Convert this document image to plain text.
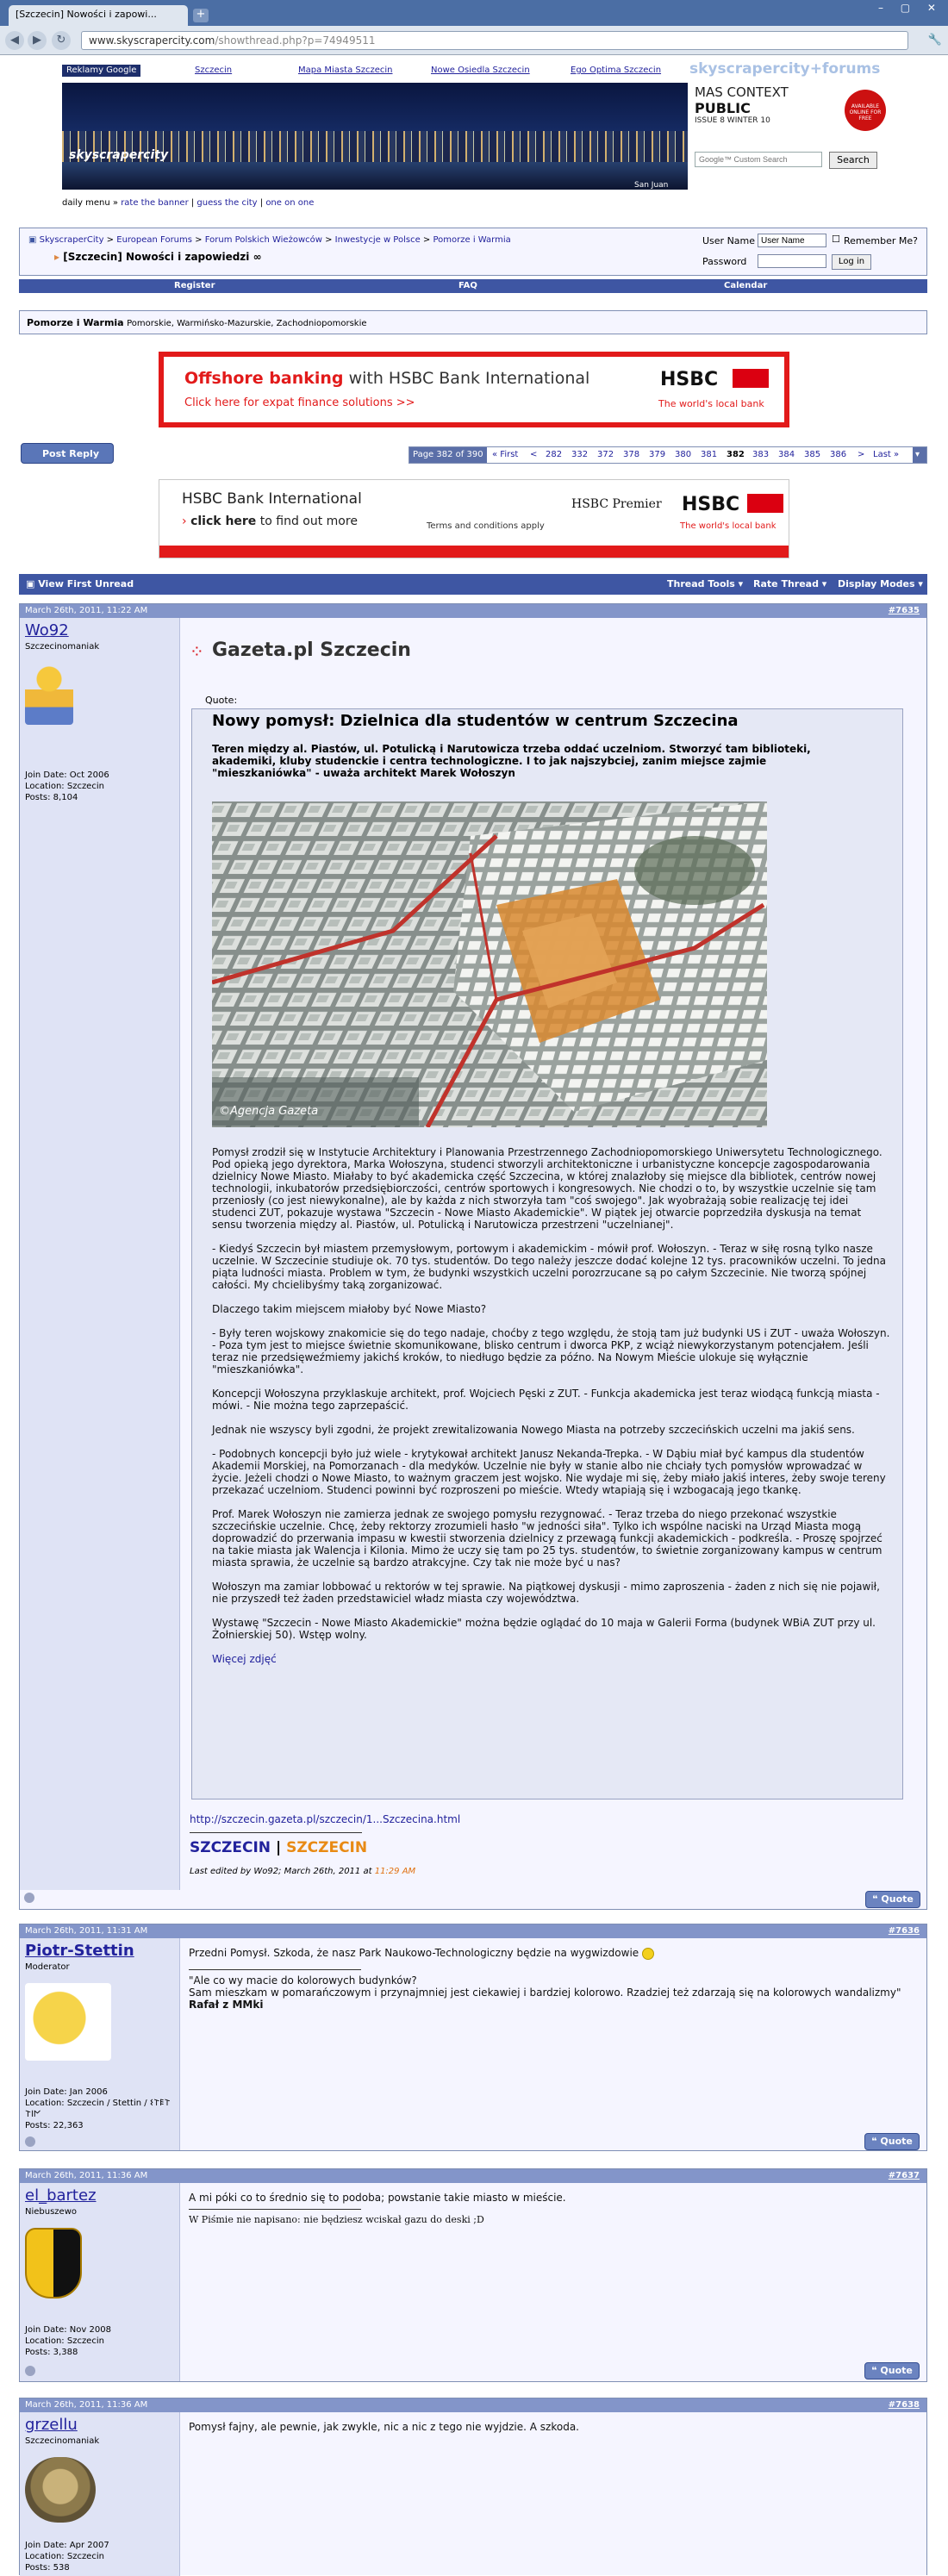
[Szczecin] Nowości i zapowi...	+	– ▢ ✕
◀	▶	↻	www.skyscrapercity.com/showthread.php?p=74949511	🔧
Reklamy Google	Szczecin	Mapa Miasta Szczecin	Nowe Osiedla Szczecin	Ego Optima Szczecin skyscrapercity+forums
skyscrapercity
San Juan
MAS CONTEXT
PUBLIC
ISSUE 8 WINTER 10
AVAILABLE ONLINE FOR FREE
Google™ Custom Search
Search
daily menu » rate the banner | guess the city | one on one
▣ SkyscraperCity > European Forums > Forum Polskich Wieżowców > Inwestycje w Polsce > Pomorze i Warmia
▸ [Szczecin] Nowości i zapowiedzi ∞
User Name
User Name	☐ Remember Me?
Password	Log in
Register	FAQ	Calendar
Pomorze i Warmia Pomorskie, Warmińsko-Mazurskie, Zachodniopomorskie
Offshore banking with HSBC Bank International
Click here for expat finance solutions >>
HSBC
The world's local bank
Post Reply	Page 382 of 390	« First < 282 332 372 378 379 380 381 382 383 384 385 386 > Last »	▾
HSBC Bank International
› click here to find out more	Terms and conditions apply
HSBC Premier HSBC
The world's local bank
▣ View First Unread	Thread Tools ▾ Rate Thread ▾ Display Modes ▾
March 26th, 2011, 11:22 AM	#7635
Wo92
Szczecinomaniak
Join Date: Oct 2006
Location: Szczecin
Posts: 8,104
⁘ Gazeta.pl Szczecin
Quote:
Nowy pomysł: Dzielnica dla studentów w centrum Szczecina
Teren między al. Piastów, ul. Potulicką i Narutowicza trzeba oddać uczelniom. Stworzyć tam biblioteki, akademiki, kluby studenckie i centra technologiczne. I to jak najszybciej, zanim miejsce zajmie "mieszkaniówka" - uważa architekt Marek Wołoszyn
©Agencja Gazeta

Pomysł zrodził się w Instytucie Architektury i Planowania Przestrzennego Zachodniopomorskiego Uniwersytetu Technologicznego. Pod opieką jego dyrektora, Marka Wołoszyna, studenci stworzyli architektoniczne i urbanistyczne koncepcje zagospodarowania dzielnicy Nowe Miasto. Miałaby to być akademicka część Szczecina, w której znalazłoby się miejsce dla bibliotek, centrów nowej technologii, inkubatorów przedsiębiorczości, centrów sportowych i kongresowych. Nie chodzi o to, by wszystkie uczelnie się tam przeniosły (co jest niewykonalne), ale by każda z nich stworzyła tam "coś swojego". Jak wyobrażają sobie realizację tej idei studenci ZUT, pokazuje wystawa "Szczecin - Nowe Miasto Akademickie". W piątek jej otwarcie poprzedziła dyskusja na temat sensu tworzenia między al. Piastów, ul. Potulicką i Narutowicza przestrzeni "uczelnianej".

- Kiedyś Szczecin był miastem przemysłowym, portowym i akademickim - mówił prof. Wołoszyn. - Teraz w siłę rosną tylko nasze uczelnie. W Szczecinie studiuje ok. 70 tys. studentów. Do tego należy jeszcze dodać kolejne 12 tys. pracowników uczelni. To jedna piąta ludności miasta. Problem w tym, że budynki wszystkich uczelni porozrzucane są po całym Szczecinie. Nie tworzą spójnej całości. My chcielibyśmy taką zorganizować.

Dlaczego takim miejscem miałoby być Nowe Miasto?

- Były teren wojskowy znakomicie się do tego nadaje, choćby z tego względu, że stoją tam już budynki US i ZUT - uważa Wołoszyn. - Poza tym jest to miejsce świetnie skomunikowane, blisko centrum i dworca PKP, z wciąż niewykorzystanym potencjałem. Jeśli teraz nie przedsięweźmiemy jakichś kroków, to niedługo będzie za późno. Na Nowym Mieście ulokuje się wyłącznie "mieszkaniówka".

Koncepcji Wołoszyna przyklaskuje architekt, prof. Wojciech Pęski z ZUT. - Funkcja akademicka jest teraz wiodącą funkcją miasta - mówi. - Nie można tego zaprzepaścić.

Jednak nie wszyscy byli zgodni, że projekt zrewitalizowania Nowego Miasta na potrzeby szczecińskich uczelni ma jakiś sens.

- Podobnych koncepcji było już wiele - krytykował architekt Janusz Nekanda-Trepka. - W Dąbiu miał być kampus dla studentów Akademii Morskiej, na Pomorzanach - dla medyków. Uczelnie nie były w stanie albo nie chciały tych pomysłów wprowadzać w życie. Jeżeli chodzi o Nowe Miasto, to ważnym graczem jest wojsko. Nie wydaje mi się, żeby miało jakiś interes, żeby swoje tereny przekazać uczelniom. Studenci powinni być rozproszeni po mieście. Wtedy wtapiają się i wzbogacają jego tkankę.

Prof. Marek Wołoszyn nie zamierza jednak ze swojego pomysłu rezygnować. - Teraz trzeba do niego przekonać wszystkie szczecińskie uczelnie. Chcę, żeby rektorzy zrozumieli hasło "w jedności siła". Tylko ich wspólne naciski na Urząd Miasta mogą doprowadzić do przerwania impasu w kwestii stworzenia dzielnicy z przewagą funkcji akademickich - podkreśla. - Proszę spojrzeć na takie miasta jak Walencja i Kilonia. Mimo że uczy się tam po 25 tys. studentów, to świetnie zorganizowany kampus w centrum miasta sprawia, że uczelnie są bardzo atrakcyjne. Czy tak nie może być u nas?

Wołoszyn ma zamiar lobbować u rektorów w tej sprawie. Na piątkowej dyskusji - mimo zaproszenia - żaden z nich się nie pojawił, nie przyszedł też żaden przedstawiciel władz miasta czy województwa.

Wystawę "Szczecin - Nowe Miasto Akademickie" można będzie oglądać do 10 maja w Galerii Forma (budynek WBiA ZUT przy ul. Żołnierskiej 50). Wstęp wolny.

Więcej zdjęć

http://szczecin.gazeta.pl/szczecin/1...Szczecina.html
SZCZECIN | SZCZECIN
Last edited by Wo92; March 26th, 2011 at 11:29 AM
❝ Quote
March 26th, 2011, 11:31 AM	#7636
Piotr-Stettin
Moderator
Join Date: Jan 2006
Location: Szczecin / Stettin / 𐌔𐌕𐌄𐌕 𐌕𐌉𐌍
Posts: 22,363
Przedni Pomysł. Szkoda, że nasz Park Naukowo-Technologiczny będzie na wygwizdowie
"Ale co wy macie do kolorowych budynków?
Sam mieszkam w pomarańczowym i przynajmniej jest ciekawiej i bardziej kolorowo. Rzadziej też zdarzają się na kolorowych wandalizmy"
Rafał z MMki
❝ Quote
March 26th, 2011, 11:36 AM	#7637
el_bartez
Niebuszewo
Join Date: Nov 2008
Location: Szczecin
Posts: 3,388
A mi póki co to średnio się to podoba; powstanie takie miasto w mieście.
W Piśmie nie napisano: nie będziesz wciskał gazu do deski ;D
❝ Quote
March 26th, 2011, 11:36 AM	#7638
grzellu
Szczecinomaniak
Join Date: Apr 2007
Location: Szczecin
Posts: 538
Pomysł fajny, ale pewnie, jak zwykle, nic a nic z tego nie wyjdzie. A szkoda.
